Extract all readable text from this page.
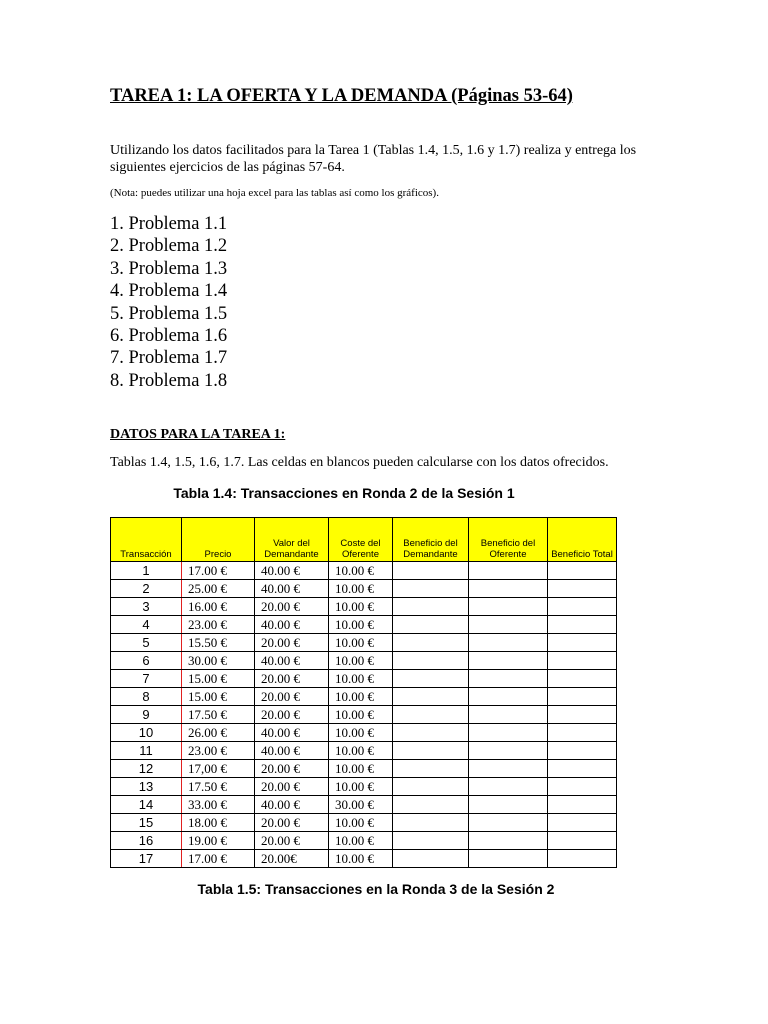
TAREA 1: LA OFERTA Y LA DEMANDA (Páginas 53-64)
Utilizando los datos facilitados para la Tarea 1 (Tablas 1.4, 1.5, 1.6 y 1.7) realiza y entrega los siguientes ejercicios de las páginas 57-64.
(Nota: puedes utilizar una hoja excel para las tablas así como los gráficos).
1. Problema 1.1
2. Problema 1.2
3. Problema 1.3
4. Problema 1.4
5. Problema 1.5
6. Problema 1.6
7. Problema 1.7
8. Problema 1.8
DATOS PARA LA TAREA 1:
Tablas 1.4, 1.5, 1.6, 1.7. Las celdas en blancos pueden calcularse con los datos ofrecidos.
Tabla 1.4: Transacciones en Ronda 2 de la Sesión 1
Transacción	Precio	Valor del Demandante	Coste del Oferente	Beneficio del Demandante	Beneficio del Oferente	Beneficio Total
1	17.00 €	40.00 €	10.00 €			
2	25.00 €	40.00 €	10.00 €			
3	16.00 €	20.00 €	10.00 €			
4	23.00 €	40.00 €	10.00 €			
5	15.50 €	20.00 €	10.00 €			
6	30.00 €	40.00 €	10.00 €			
7	15.00 €	20.00 €	10.00 €			
8	15.00 €	20.00 €	10.00 €			
9	17.50 €	20.00 €	10.00 €			
10	26.00 €	40.00 €	10.00 €			
11	23.00 €	40.00 €	10.00 €			
12	17,00 €	20.00 €	10.00 €			
13	17.50 €	20.00 €	10.00 €			
14	33.00 €	40.00 €	30.00 €			
15	18.00 €	20.00 €	10.00 €			
16	19.00 €	20.00 €	10.00 €			
17	17.00 €	20.00€	10.00 €			
Tabla 1.5: Transacciones en la Ronda 3 de la Sesión 2
